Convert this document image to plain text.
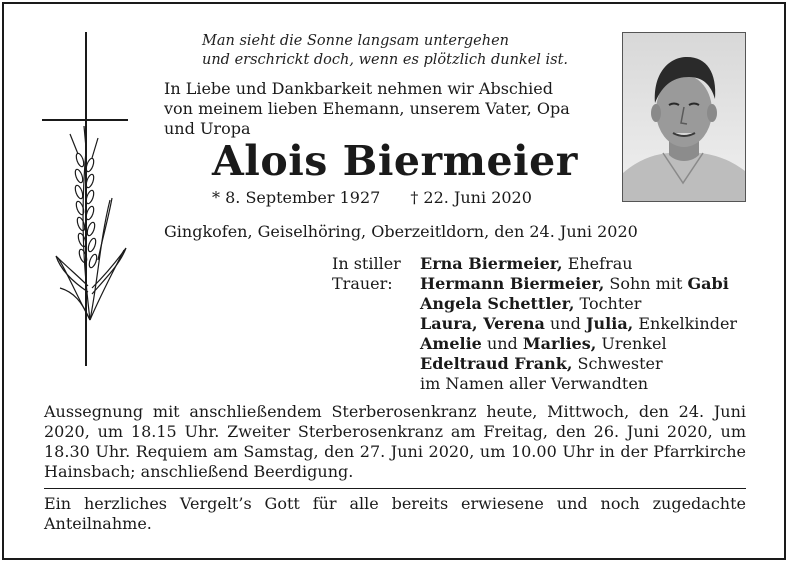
Man sieht die Sonne langsam untergehen
und erschrickt doch, wenn es plötzlich dunkel ist.
In Liebe und Dankbarkeit nehmen wir Abschied
von meinem lieben Ehemann, unserem Vater, Opa
und Uropa
Alois Biermeier
* 8. September 1927 † 22. Juni 2020
Gingkofen, Geiselhöring, Oberzeitldorn, den 24. Juni 2020
In stiller
Trauer:
Erna Biermeier, Ehefrau
Hermann Biermeier, Sohn mit Gabi
Angela Schettler, Tochter
Laura, Verena und Julia, Enkelkinder
Amelie und Marlies, Urenkel
Edeltraud Frank, Schwester
im Namen aller Verwandten
Aussegnung mit anschließendem Sterberosenkranz heute, Mittwoch, den 24. Juni 2020, um 18.15 Uhr. Zweiter Sterberosenkranz am Freitag, den 26. Juni 2020, um 18.30 Uhr. Requiem am Samstag, den 27. Juni 2020, um 10.00 Uhr in der Pfarrkirche Hainsbach; anschließend Beerdigung.
Ein herzliches Vergelt’s Gott für alle bereits erwiesene und noch zugedachte Anteilnahme.
